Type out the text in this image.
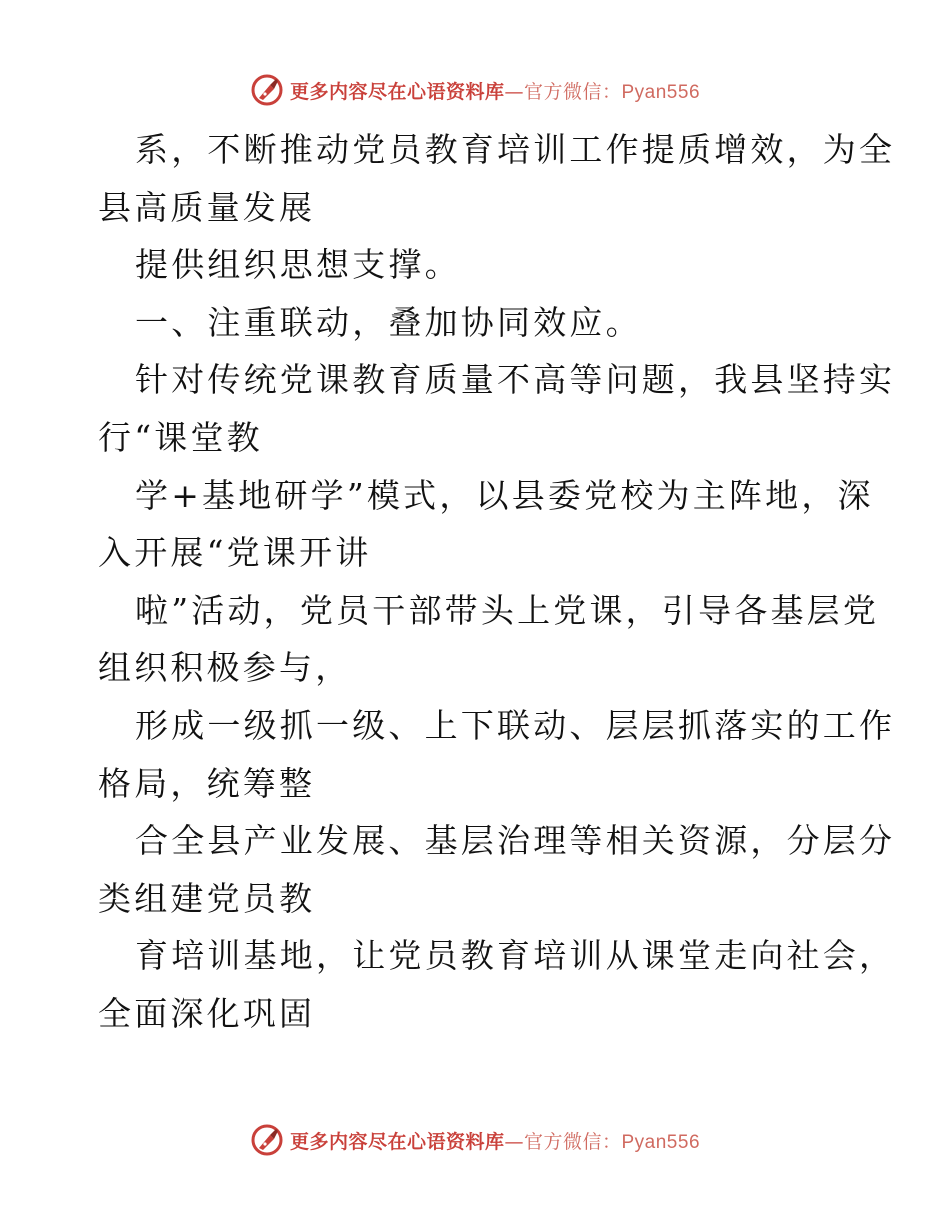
更多内容尽在心语资料库—官方微信：Pyan556
系，不断推动党员教育培训工作提质增效，为全
县高质量发展
提供组织思想支撑。
一、注重联动，叠加协同效应。
针对传统党课教育质量不高等问题，我县坚持实
行“课堂教
学+基地研学”模式，以县委党校为主阵地，深
入开展“党课开讲
啦”活动，党员干部带头上党课，引导各基层党
组织积极参与，
形成一级抓一级、上下联动、层层抓落实的工作
格局，统筹整
合全县产业发展、基层治理等相关资源，分层分
类组建党员教
育培训基地，让党员教育培训从课堂走向社会，
全面深化巩固
更多内容尽在心语资料库—官方微信：Pyan556
